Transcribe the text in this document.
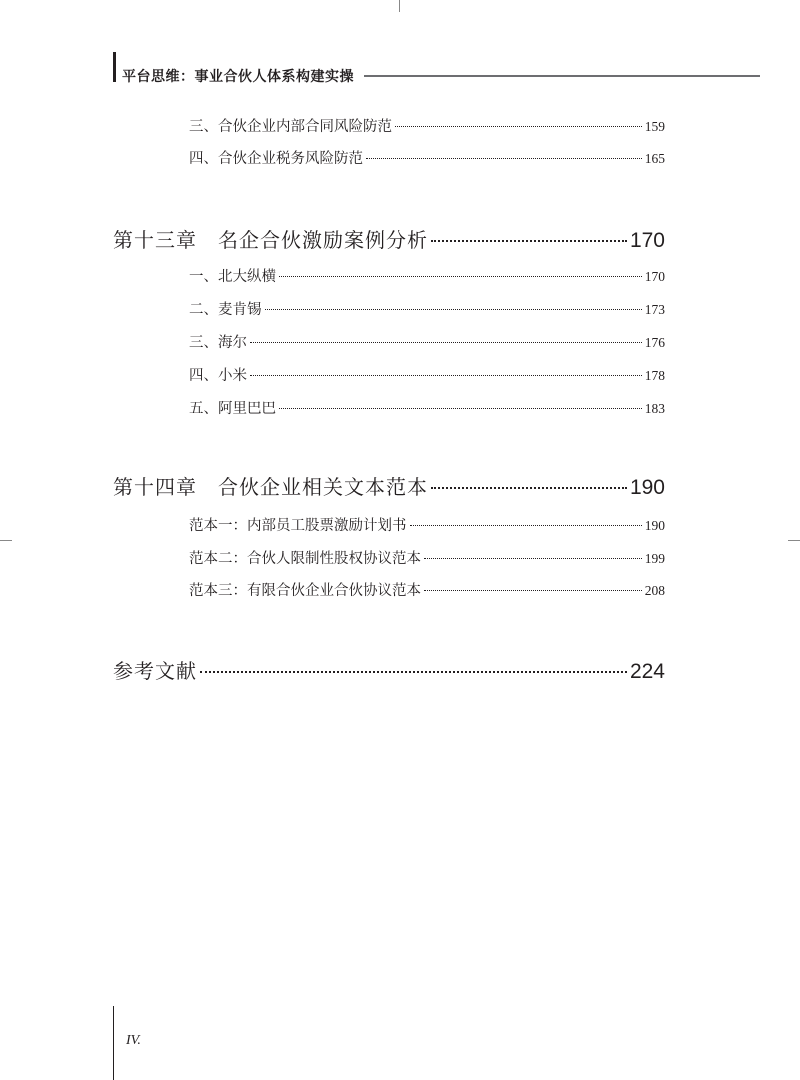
平台思维：事业合伙人体系构建实操
三、合伙企业内部合同风险防范	159
四、合伙企业税务风险防范	165
第十三章　名企合伙激励案例分析	170
一、北大纵横	170
二、麦肯锡	173
三、海尔	176
四、小米	178
五、阿里巴巴	183
第十四章　合伙企业相关文本范本	190
范本一：内部员工股票激励计划书	190
范本二：合伙人限制性股权协议范本	199
范本三：有限合伙企业合伙协议范本	208
参考文献	224
IV.
